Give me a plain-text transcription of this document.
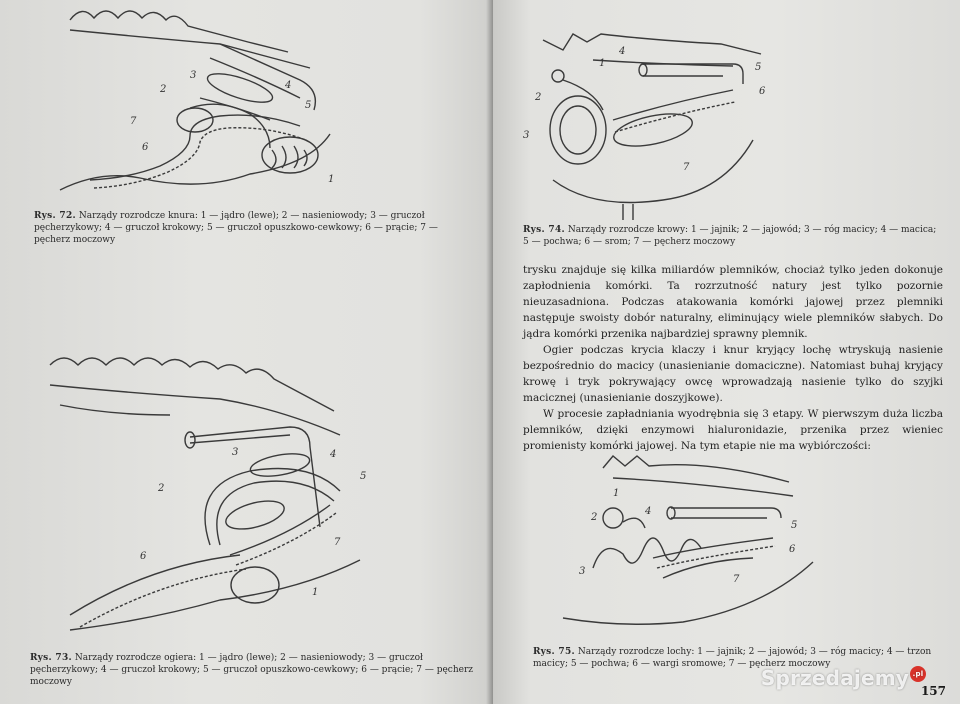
3
2	4
5
7
6
1
Rys. 72. Narządy rozrodcze knura: 1 — jądro (lewe); 2 — nasieniowody; 3 — gruczoł pęcherzykowy; 4 — gruczoł krokowy; 5 — gruczoł opuszkowo-cewkowy; 6 — prącie; 7 — pęcherz moczowy
3	4
5
2
7
6
1
Rys. 73. Narządy rozrodcze ogiera: 1 — jądro (lewe); 2 — nasieniowody; 3 — gruczoł pęcherzykowy; 4 — gruczoł krokowy; 5 — gruczoł opuszkowo-cewkowy; 6 — prącie; 7 — pęcherz moczowy
1
4
2
3
5
6
7
Rys. 74. Narządy rozrodcze krowy: 1 — jajnik; 2 — jajowód; 3 — róg macicy; 4 — macica; 5 — pochwa; 6 — srom; 7 — pęcherz moczowy

trysku znajduje się kilka miliardów plemników, chociaż tylko jeden dokonuje zapłodnienia komórki. Ta rozrzutność natury jest tylko pozornie nieuzasadniona. Podczas atakowania komórki jajowej przez plemniki następuje swoisty dobór naturalny, eliminujący wiele plemników słabych. Do jądra komórki przenika najbardziej sprawny plemnik.

Ogier podczas krycia klaczy i knur kryjący lochę wtryskują nasienie bezpośrednio do macicy (unasienianie domaciczne). Natomiast buhaj kryjący krowę i tryk pokrywający owcę wprowadzają nasienie tylko do szyjki macicznej (unasienianie doszyjkowe).

W procesie zapładniania wyodrębnia się 3 etapy. W pierwszym duża liczba plemników, dzięki enzymowi hialuronidazie, przenika przez wieniec promienisty komórki jajowej. Na tym etapie nie ma wybiórczości:

1
2
4
3
5
6
7
Rys. 75. Narządy rozrodcze lochy: 1 — jajnik; 2 — jajowód; 3 — róg macicy; 4 — trzon macicy; 5 — pochwa; 6 — wargi sromowe; 7 — pęcherz moczowy
157
Sprzedajemy .pl
